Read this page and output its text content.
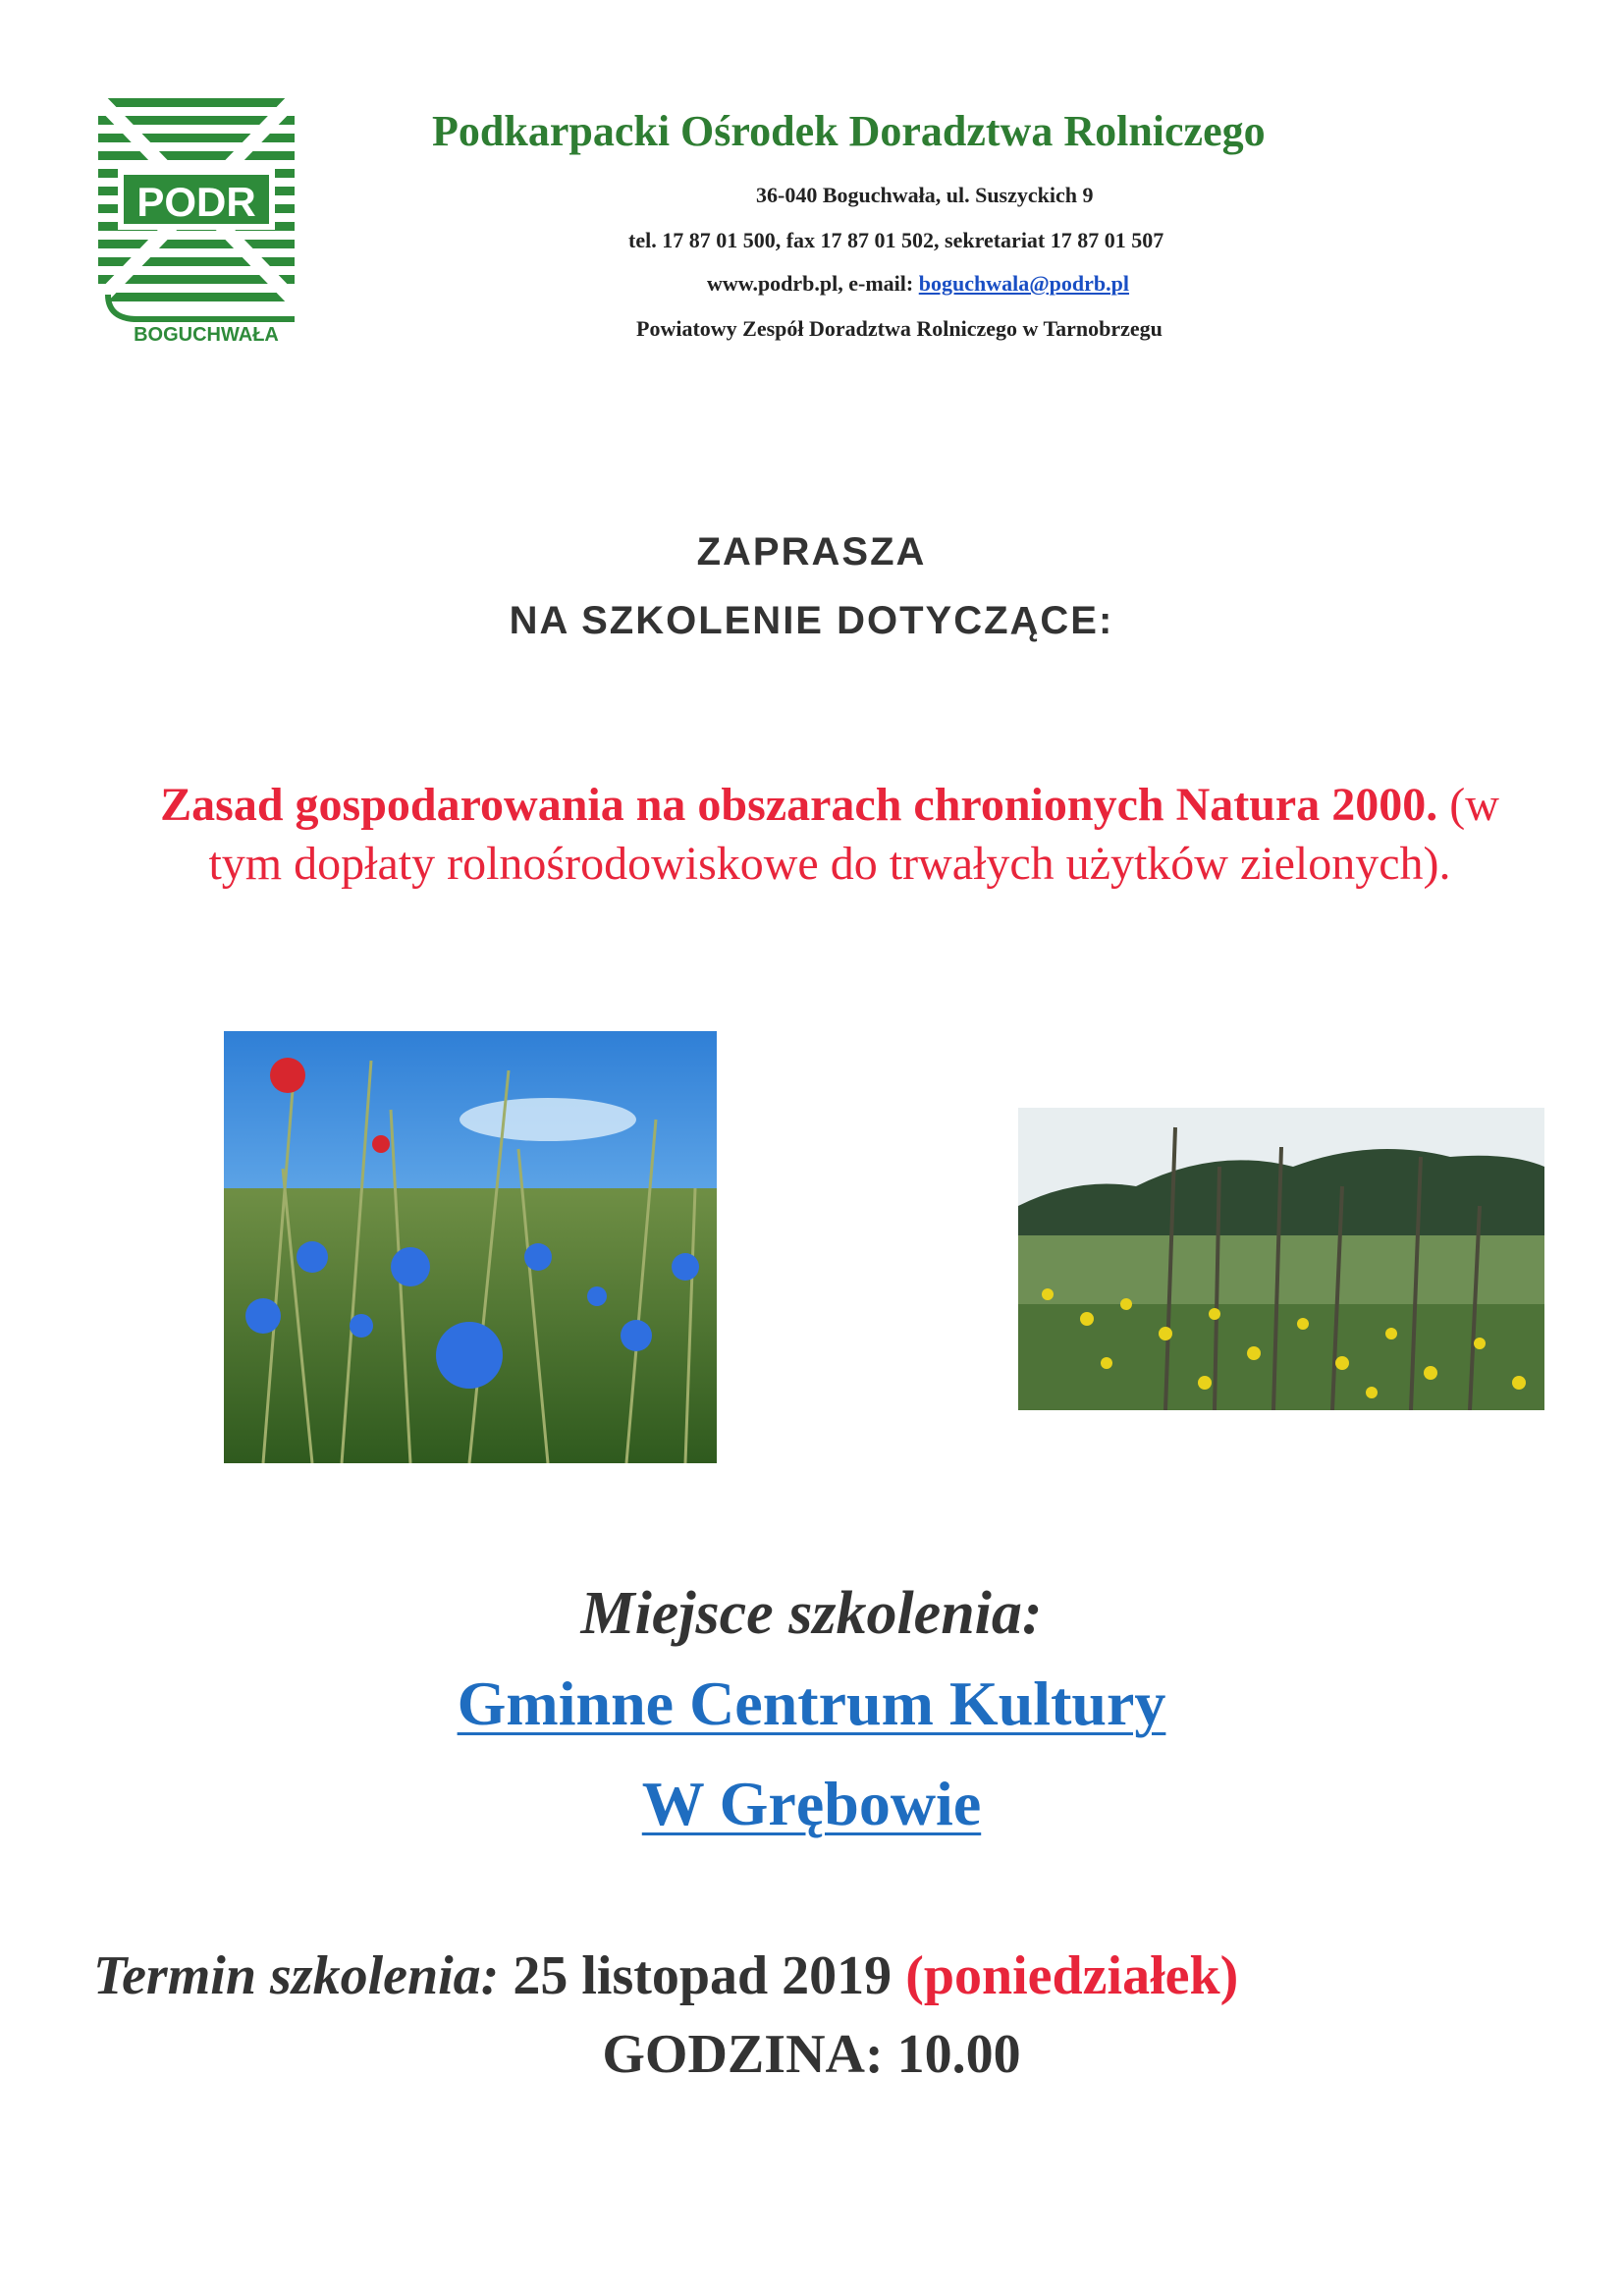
PODR
BOGUCHWAŁA
Podkarpacki Ośrodek Doradztwa Rolniczego
36-040 Boguchwała, ul. Suszyckich 9
tel. 17 87 01 500, fax 17 87 01 502, sekretariat 17 87 01 507
www.podrb.pl, e-mail: boguchwala@podrb.pl
Powiatowy Zespół Doradztwa Rolniczego w Tarnobrzegu
ZAPRASZA
NA SZKOLENIE DOTYCZĄCE:
Zasad gospodarowania na obszarach chronionych Natura 2000. (w tym dopłaty rolnośrodowiskowe do trwałych użytków zielonych).
Miejsce szkolenia:
Gminne Centrum Kultury
W Grębowie
Termin szkolenia: 25 listopad 2019 (poniedziałek)
GODZINA: 10.00
